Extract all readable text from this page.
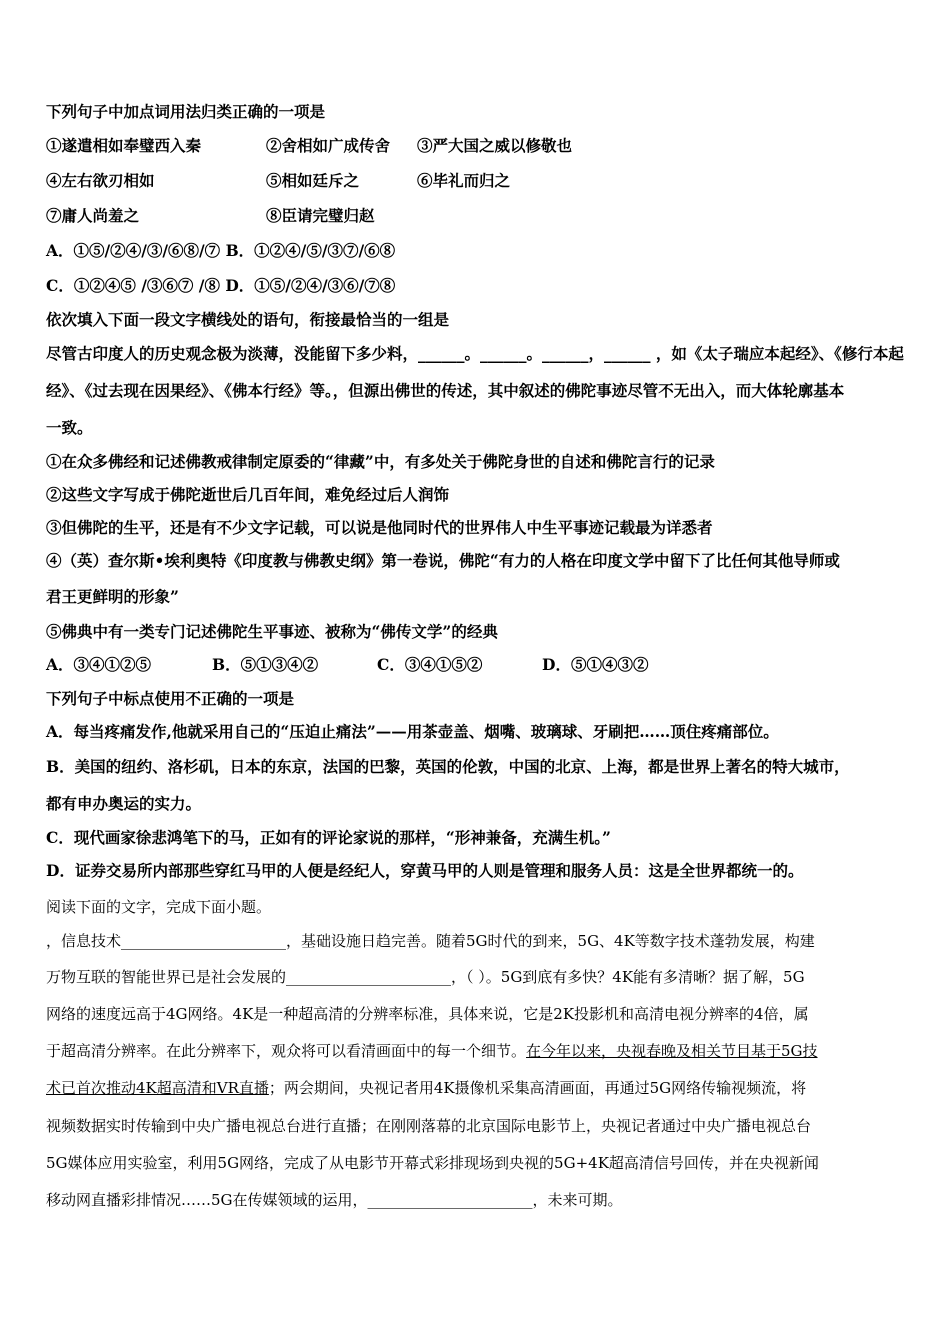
下列句子中加点词用法归类正确的一项是
①遂遣相如奉璧西入秦	②舍相如广成传舍 ③严大国之威以修敬也
④左右欲刃相如	⑤相如廷斥之	⑥毕礼而归之
⑦庸人尚羞之	⑧臣请完璧归赵
A．①⑤/②④/③/⑥⑧/⑦ B．①②④/⑤/③⑦/⑥⑧
C．①②④⑤ /③⑥⑦ /⑧ D．①⑤/②④/③⑥/⑦⑧
依次填入下面一段文字横线处的语句，衔接最恰当的一组是
尽管古印度人的历史观念极为淡薄，没能留下多少料，______。______。______，______ ，如《太子瑞应本起经》、《修行本起
经》、《过去现在因果经》、《佛本行经》等。，但源出佛世的传述，其中叙述的佛陀事迹尽管不无出入，而大体轮廓基本
一致。
①在众多佛经和记述佛教戒律制定原委的“律藏”中，有多处关于佛陀身世的自述和佛陀言行的记录
②这些文字写成于佛陀逝世后几百年间，难免经过后人润饰
③但佛陀的生平，还是有不少文字记载，可以说是他同时代的世界伟人中生平事迹记载最为详悉者
④（英）查尔斯•埃利奥特《印度教与佛教史纲》第一卷说，佛陀“有力的人格在印度文学中留下了比任何其他导师或
君王更鲜明的形象”
⑤佛典中有一类专门记述佛陀生平事迹、被称为“佛传文学”的经典
A．③④①②⑤	B．⑤①③④②	C．③④①⑤②	D．⑤①④③②
下列句子中标点使用不正确的一项是
A．每当疼痛发作,他就采用自己的“压迫止痛法”——用茶壶盖、烟嘴、玻璃球、牙刷把……顶住疼痛部位。
B．美国的纽约、洛杉矶，日本的东京，法国的巴黎，英国的伦敦，中国的北京、上海，都是世界上著名的特大城市，
都有申办奥运的实力。
C．现代画家徐悲鸿笔下的马，正如有的评论家说的那样，“形神兼备，充满生机。”
D．证券交易所内部那些穿红马甲的人便是经纪人，穿黄马甲的人则是管理和服务人员：这是全世界都统一的。
阅读下面的文字，完成下面小题。
，信息技术______________________，基础设施日趋完善。随着5G时代的到来，5G、4K等数字技术蓬勃发展，构建
万物互联的智能世界已是社会发展的______________________，（ ）。5G到底有多快？4K能有多清晰？据了解，5G
网络的速度远高于4G网络。4K是一种超高清的分辨率标准，具体来说，它是2K投影机和高清电视分辨率的4倍，属
于超高清分辨率。在此分辨率下，观众将可以看清画面中的每一个细节。在今年以来，央视春晚及相关节目基于5G技
术已首次推动4K超高清和VR直播；两会期间，央视记者用4K摄像机采集高清画面，再通过5G网络传输视频流，将
视频数据实时传输到中央广播电视总台进行直播；在刚刚落幕的北京国际电影节上，央视记者通过中央广播电视总台
5G媒体应用实验室，利用5G网络，完成了从电影节开幕式彩排现场到央视的5G+4K超高清信号回传，并在央视新闻
移动网直播彩排情况……5G在传媒领域的运用，______________________，未来可期。
